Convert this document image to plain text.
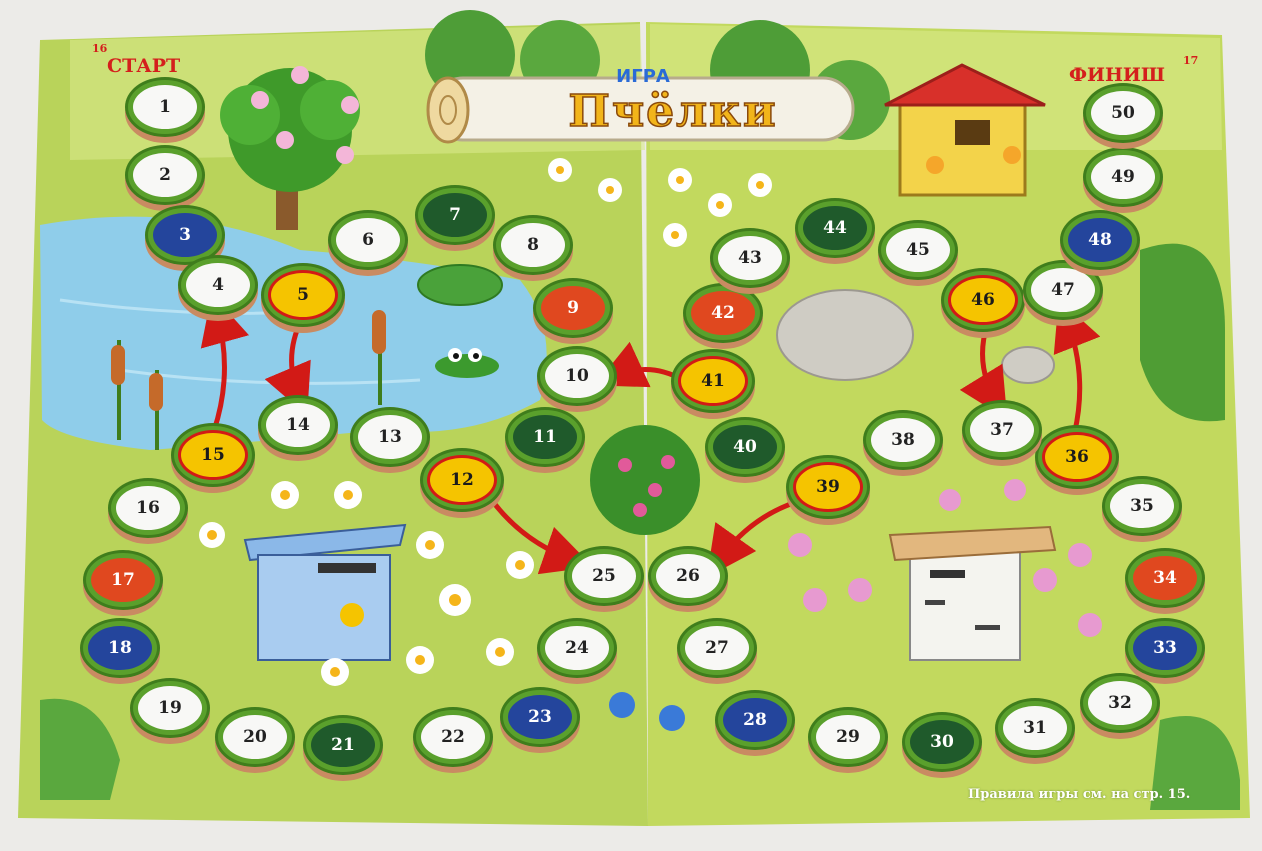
1
2
3
4	5
6
7
8
9
10
11
12
13
14
15
16
17
18
19
20	21	22
23
24
25	26
27
28
29	30
31
32
33
34
35
36
37
38
39
40
41
42
43
44
45
46	47
48
49
50
ИГРА
Пчёлки
16
СТАРТ	ФИНИШ
17
Правила игры см. на стр. 15.
